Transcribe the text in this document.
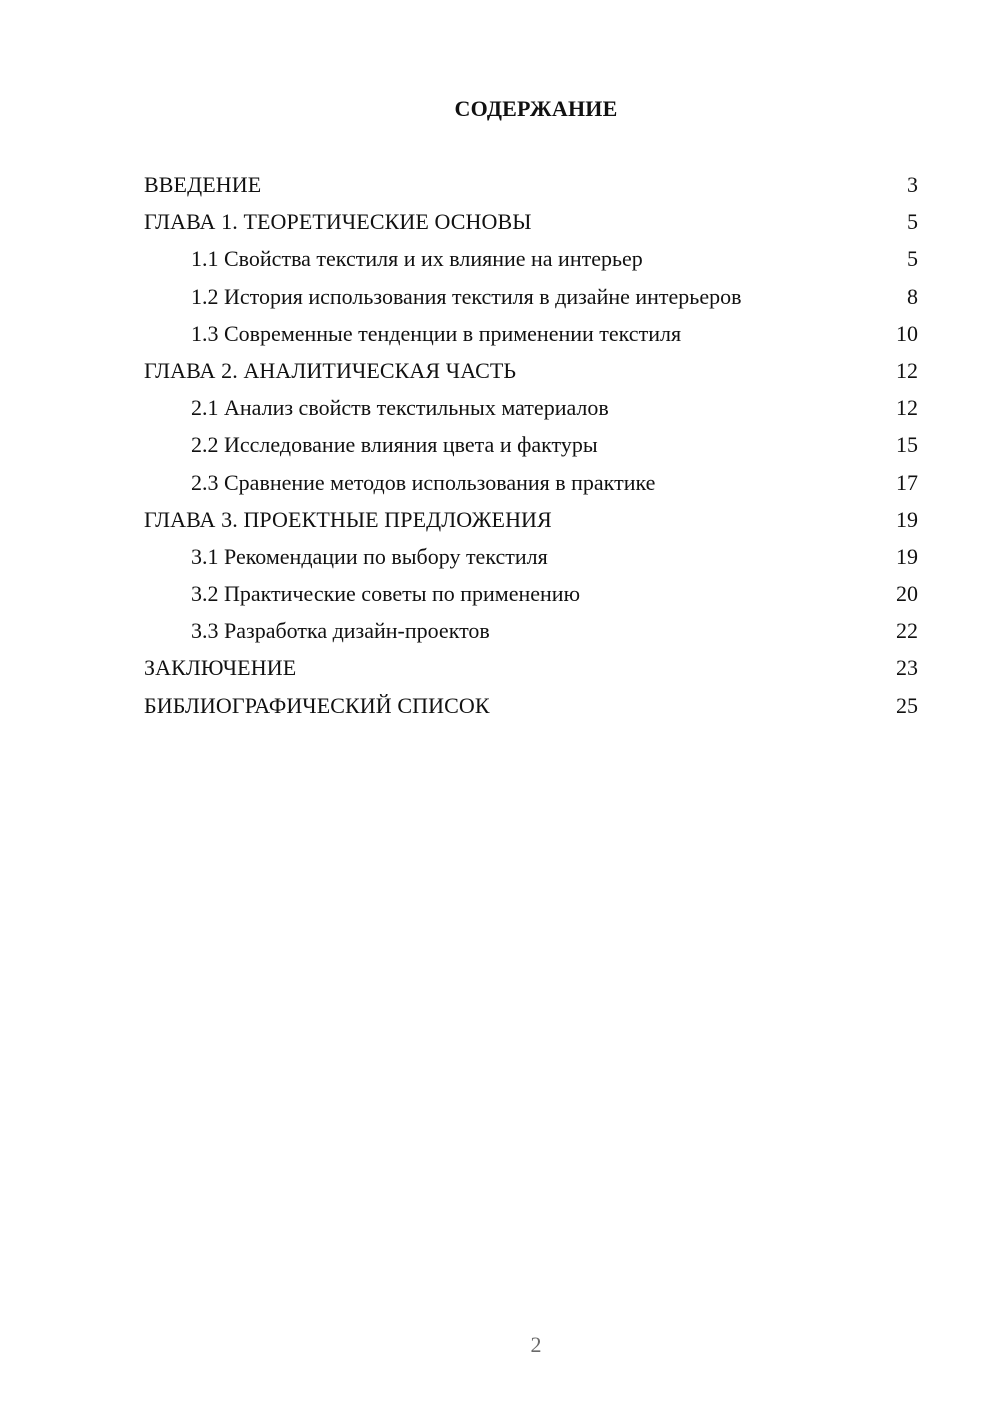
СОДЕРЖАНИЕ
ВВЕДЕНИЕ	3
ГЛАВА 1. ТЕОРЕТИЧЕСКИЕ ОСНОВЫ	5
1.1 Свойства текстиля и их влияние на интерьер	5
1.2 История использования текстиля в дизайне интерьеров	8
1.3 Современные тенденции в применении текстиля	10
ГЛАВА 2. АНАЛИТИЧЕСКАЯ ЧАСТЬ	12
2.1 Анализ свойств текстильных материалов	12
2.2 Исследование влияния цвета и фактуры	15
2.3 Сравнение методов использования в практике	17
ГЛАВА 3. ПРОЕКТНЫЕ ПРЕДЛОЖЕНИЯ	19
3.1 Рекомендации по выбору текстиля	19
3.2 Практические советы по применению	20
3.3 Разработка дизайн-проектов	22
ЗАКЛЮЧЕНИЕ	23
БИБЛИОГРАФИЧЕСКИЙ СПИСОК	25
2
